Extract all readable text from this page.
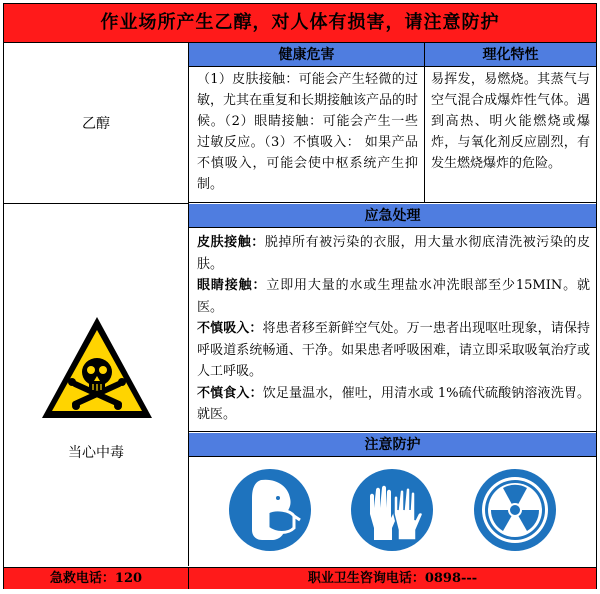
作业场所产生乙醇，对人体有损害，请注意防护
乙醇
健康危害	理化特性
（1）皮肤接触：可能会产生轻微的过敏，尤其在重复和长期接触该产品的时候。（2）眼睛接触：可能会产生一些过敏反应。（3）不慎吸入： 如果产品不慎吸入，可能会使中枢系统产生抑制。
易挥发，易燃烧。其蒸气与空气混合成爆炸性气体。遇到高热、明火能燃烧或爆炸，与氧化剂反应剧烈，有发生燃烧爆炸的危险。
当心中毒
应急处理
皮肤接触：脱掉所有被污染的衣服，用大量水彻底清洗被污染的皮肤。
眼睛接触：立即用大量的水或生理盐水冲洗眼部至少15MIN。就医。
不慎吸入：将患者移至新鲜空气处。万一患者出现呕吐现象，请保持呼吸道系统畅通、干净。如果患者呼吸困难，请立即采取吸氧治疗或人工呼吸。
不慎食入：饮足量温水，催吐，用清水或 1%硫代硫酸钠溶液洗胃。就医。
注意防护
急救电话：120	职业卫生咨询电话：0898---
